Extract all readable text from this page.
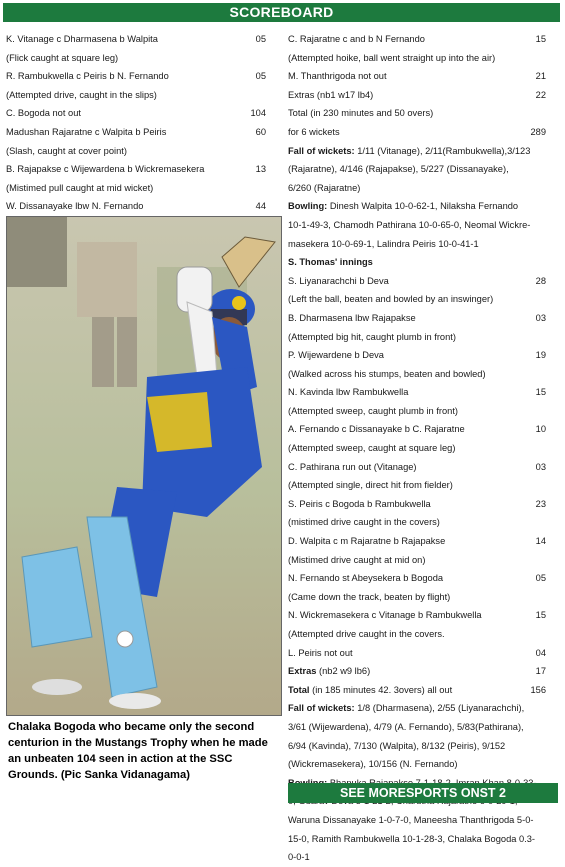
SCOREBOARD
K. Vitanage c Dharmasena b Walpita	05
(Flick caught at square leg)
R. Rambukwella c Peiris b N. Fernando	05
(Attempted drive, caught in the slips)
C. Bogoda not out	104
Madushan Rajaratne c Walpita b Peiris	60
(Slash, caught at cover point)
B. Rajapakse c Wijewardena b Wickremasekera	13
(Mistimed pull caught at mid wicket)
W. Dissanayake lbw N. Fernando	44
Chalaka Bogoda who became only the second centurion in the Mustangs Trophy when he made an unbeaten 104 seen in action at the SSC Grounds. (Pic Sanka Vidanagama)
C. Rajaratne c and b N Fernando	15
(Attempted hoike, ball went straight up into the air)
M. Thanthrigoda not out	21
Extras (nb1 w17 lb4)	22
Total (in 230 minutes and 50 overs)
for 6 wickets	289
Fall of wickets: 1/11 (Vitanage), 2/11(Rambukwella),3/123
(Rajaratne), 4/146 (Rajapakse), 5/227 (Dissanayake),
6/260 (Rajaratne)
Bowling: Dinesh Walpita 10-0-62-1, Nilaksha Fernando
10-1-49-3, Chamodh Pathirana 10-0-65-0, Neomal Wickre-
masekera 10-0-69-1, Lalindra Peiris 10-0-41-1
S. Thomas' innings
S. Liyanarachchi b Deva	28
(Left the ball, beaten and bowled by an inswinger)
B. Dharmasena lbw Rajapakse	03
(Attempted big hit, caught plumb in front)
P. Wijewardene b Deva	19
(Walked across his stumps, beaten and bowled)
N. Kavinda lbw Rambukwella	15
(Attempted sweep, caught plumb in front)
A. Fernando c Dissanayake b C. Rajaratne	10
(Attempted sweep, caught at square leg)
C. Pathirana run out (Vitanage)	03
(Attempted single, direct hit from fielder)
S. Peiris c Bogoda b Rambukwella	23
(mistimed drive caught in the covers)
D. Walpita c m Rajaratne b Rajapakse	14
(Mistimed drive caught at mid on)
N. Fernando st Abeysekera b Bogoda	05
(Came down the track, beaten by flight)
N. Wickremasekera c Vitanage b Rambukwella	15
(Attempted drive caught in the covers.
L. Peiris not out	04
Extras (nb2 w9 lb6)	17
Total (in 185 minutes 42. 3overs) all out	156
Fall of wickets: 1/8 (Dharmasena), 2/55 (Liyanarachchi),
3/61 (Wijewardena), 4/79 (A. Fernando), 5/83(Pathirana),
6/94 (Kavinda), 7/130 (Walpita), 8/132 (Peiris), 9/152
(Wickremasekera), 10/156 (N. Fernando)
Waruna Dissanayake 1-0-7-0, Maneesha Thanthrigoda 5-0-
15-0, Ramith Rambukwella 10-1-28-3, Chalaka Bogoda 0.3-
0-0-1
SEE MORESPORTS ONST 2
